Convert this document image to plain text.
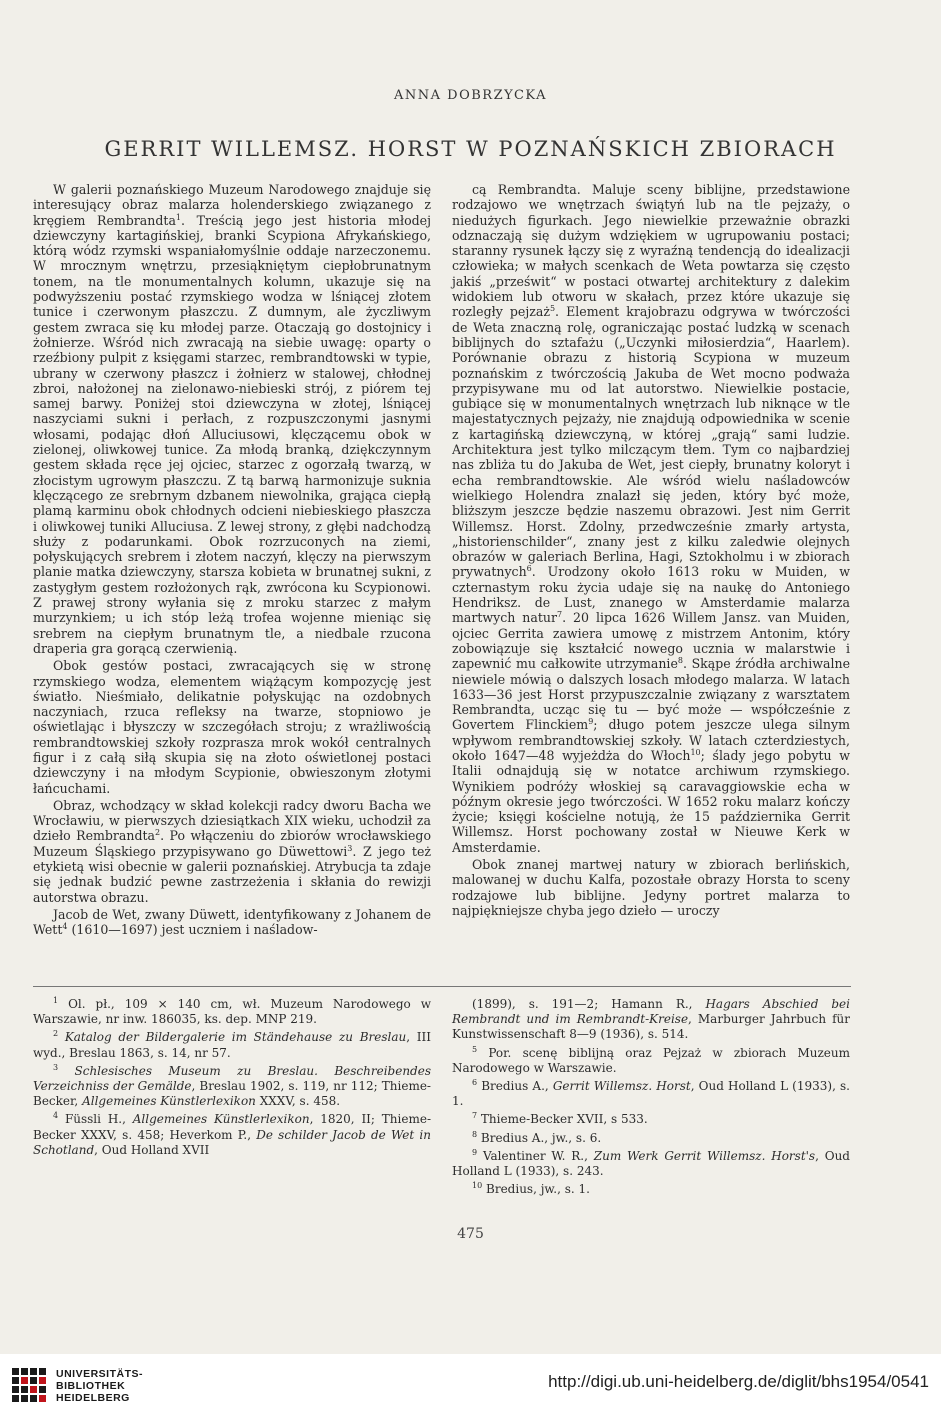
ANNA DOBRZYCKA
GERRIT WILLEMSZ. HORST W POZNAŃSKICH ZBIORACH

W galerii poznańskiego Muzeum Narodowego znajduje się interesujący obraz malarza holenderskiego związanego z kręgiem Rembrandta$^1$. Treścią jego jest historia młodej dziewczyny kartagińskiej, branki Scypiona Afrykańskiego, którą wódz rzymski wspaniałomyślnie oddaje narzeczonemu. W mrocznym wnętrzu, przesiąkniętym ciepłobrunatnym tonem, na tle monumentalnych kolumn, ukazuje się na podwyższeniu postać rzymskiego wodza w lśniącej złotem tunice i czerwonym płaszczu. Z dumnym, ale życzliwym gestem zwraca się ku młodej parze. Otaczają go dostojnicy i żołnierze. Wśród nich zwracają na siebie uwagę: oparty o rzeźbiony pulpit z księgami starzec, rembrandtowski w typie, ubrany w czerwony płaszcz i żołnierz w stalowej, chłodnej zbroi, nałożonej na zielonawo-niebieski strój, z piórem tej samej barwy. Poniżej stoi dziewczyna w złotej, lśniącej naszyciami sukni i perłach, z rozpuszczonymi jasnymi włosami, podając dłoń Alluciusowi, klęczącemu obok w zielonej, oliwkowej tunice. Za młodą branką, dziękczynnym gestem składa ręce jej ojciec, starzec z ogorzałą twarzą, w złocistym ugrowym płaszczu. Z tą barwą harmonizuje suknia klęczącego ze srebrnym dzbanem niewolnika, grająca ciepłą plamą karminu obok chłodnych odcieni niebieskiego płaszcza i oliwkowej tuniki Alluciusa. Z lewej strony, z głębi nadchodzą służy z podarunkami. Obok rozrzuconych na ziemi, połyskujących srebrem i złotem naczyń, klęczy na pierwszym planie matka dziewczyny, starsza kobieta w brunatnej sukni, z zastygłym gestem rozłożonych rąk, zwrócona ku Scypionowi. Z prawej strony wyłania się z mroku starzec z małym murzynkiem; u ich stóp leżą trofea wojenne mieniąc się srebrem na ciepłym brunatnym tle, a niedbale rzucona draperia gra gorącą czerwienią.

Obok gestów postaci, zwracających się w stronę rzymskiego wodza, elementem wiążącym kompozycję jest światło. Nieśmiało, delikatnie połyskując na ozdobnych naczyniach, rzuca refleksy na twarze, stopniowo je oświetlając i błyszczy w szczegółach stroju; z wrażliwością rembrandtowskiej szkoły rozprasza mrok wokół centralnych figur i z całą siłą skupia się na złoto oświetlonej postaci dziewczyny i na młodym Scypionie, obwieszonym złotymi łańcuchami.

Obraz, wchodzący w skład kolekcji radcy dworu Bacha we Wrocławiu, w pierwszych dziesiątkach XIX wieku, uchodził za dzieło Rembrandta$^2$. Po włączeniu do zbiorów wrocławskiego Muzeum Śląskiego przypisywano go Düwettowi$^3$. Z jego też etykietą wisi obecnie w galerii poznańskiej. Atrybucja ta zdaje się jednak budzić pewne zastrzeżenia i skłania do rewizji autorstwa obrazu.

Jacob de Wet, zwany Düwett, identyfikowany z Johanem de Wett$^4$ (1610—1697) jest uczniem i naśladow-

cą Rembrandta. Maluje sceny biblijne, przedstawione rodzajowo we wnętrzach świątyń lub na tle pejzaży, o niedużych figurkach. Jego niewielkie przeważnie obrazki odznaczają się dużym wdziękiem w ugrupowaniu postaci; staranny rysunek łączy się z wyraźną tendencją do idealizacji człowieka; w małych scenkach de Weta powtarza się często jakiś „prześwit“ w postaci otwartej architektury z dalekim widokiem lub otworu w skałach, przez które ukazuje się rozległy pejzaż$^5$. Element krajobrazu odgrywa w twórczości de Weta znaczną rolę, ograniczając postać ludzką w scenach biblijnych do sztafażu („Uczynki miłosierdzia“, Haarlem). Porównanie obrazu z historią Scypiona w muzeum poznańskim z twórczością Jakuba de Wet mocno podważa przypisywane mu od lat autorstwo. Niewielkie postacie, gubiące się w monumentalnych wnętrzach lub niknące w tle majestatycznych pejzaży, nie znajdują odpowiednika w scenie z kartagińską dziewczyną, w której „grają“ sami ludzie. Architektura jest tylko milczącym tłem. Tym co najbardziej nas zbliża tu do Jakuba de Wet, jest ciepły, brunatny koloryt i echa rembrandtowskie. Ale wśród wielu naśladowców wielkiego Holendra znalazł się jeden, który być może, bliższym jeszcze będzie naszemu obrazowi. Jest nim Gerrit Willemsz. Horst. Zdolny, przedwcześnie zmarły artysta, „historienschilder“, znany jest z kilku zaledwie olejnych obrazów w galeriach Berlina, Hagi, Sztokholmu i w zbiorach prywatnych$^6$. Urodzony około 1613 roku w Muiden, w czternastym roku życia udaje się na naukę do Antoniego Hendriksz. de Lust, znanego w Amsterdamie malarza martwych natur$^7$. 20 lipca 1626 Willem Jansz. van Muiden, ojciec Gerrita zawiera umowę z mistrzem Antonim, który zobowiązuje się kształcić nowego ucznia w malarstwie i zapewnić mu całkowite utrzymanie$^8$. Skąpe źródła archiwalne niewiele mówią o dalszych losach młodego malarza. W latach 1633—36 jest Horst przypuszczalnie związany z warsztatem Rembrandta, ucząc się tu — być może — współcześnie z Govertem Flinckiem$^9$; długo potem jeszcze ulega silnym wpływom rembrandtowskiej szkoły. W latach czterdziestych, około 1647—48 wyjeżdża do Włoch$^{10}$; ślady jego pobytu w Italii odnajdują się w notatce archiwum rzymskiego. Wynikiem podróży włoskiej są caravaggiowskie echa w późnym okresie jego twórczości. W 1652 roku malarz kończy życie; księgi kościelne notują, że 15 października Gerrit Willemsz. Horst pochowany został w Nieuwe Kerk w Amsterdamie.

Obok znanej martwej natury w zbiorach berlińskich, malowanej w duchu Kalfa, pozostałe obrazy Horsta to sceny rodzajowe lub biblijne. Jedyny portret malarza to najpiękniejsze chyba jego dzieło — uroczy

$^1$ Ol. pł., 109 × 140 cm, wł. Muzeum Narodowego w Warszawie, nr inw. 186035, ks. dep. MNP 219.
$^2$ Katalog der Bildergalerie im Ständehause zu Breslau, III wyd., Breslau 1863, s. 14, nr 57.
$^3$ Schlesisches Museum zu Breslau. Beschreibendes Verzeichniss der Gemälde, Breslau 1902, s. 119, nr 112; Thieme-Becker, Allgemeines Künstlerlexikon XXXV, s. 458.
$^4$ Füssli H., Allgemeines Künstlerlexikon, 1820, II; Thieme-Becker XXXV, s. 458; Heverkom P., De schilder Jacob de Wet in Schotland, Oud Holland XVII
(1899), s. 191—2; Hamann R., Hagars Abschied bei Rembrandt und im Rembrandt-Kreise, Marburger Jahrbuch für Kunstwissenschaft 8—9 (1936), s. 514.
$^5$ Por. scenę biblijną oraz Pejzaż w zbiorach Muzeum Narodowego w Warszawie.
$^6$ Bredius A., Gerrit Willemsz. Horst, Oud Holland L (1933), s. 1.
$^7$ Thieme-Becker XVII, s 533.
$^8$ Bredius A., jw., s. 6.
$^9$ Valentiner W. R., Zum Werk Gerrit Willemsz. Horst's, Oud Holland L (1933), s. 243.
$^{10}$ Bredius, jw., s. 1.
475
UNIVERSITÄTS-
BIBLIOTHEK
HEIDELBERG
http://digi.ub.uni-heidelberg.de/diglit/bhs1954/0541
